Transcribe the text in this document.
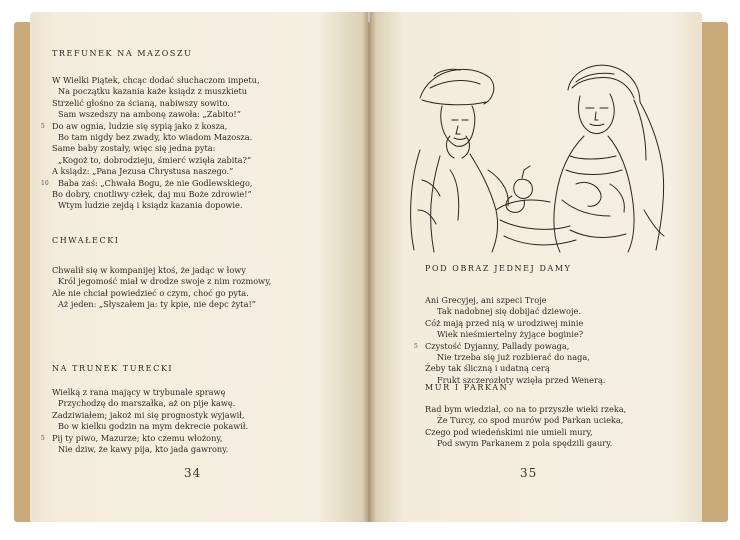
TREFUNEK NA MAZOSZU
W Wielki Piątek, chcąc dodać słuchaczom impetu,
Na początku kazania każe ksiądz z muszkietu
Strzelić głośno za ścianą, nabiwszy sowito.
Sam wszedszy na ambonę zawoła: „Zabito!”
Do aw ognia, ludzie się sypią jako z kosza,
5
Bo tam nigdy bez zwady, kto wiadom Mazosza.
Same baby zostały, więc się jedna pyta:
„Kogoż to, dobrodzieju, śmierć wzięła zabita?”
A ksiądz: „Pana Jezusa Chrystusa naszego.”
Baba zaś: „Chwała Bogu, że nie Godlewskiego,
10
Bo dobry, cnotliwy człek, daj mu Boże zdrowie!”
Wtym ludzie zejdą i ksiądz kazania dopowie.
CHWAŁECKI
Chwalił się w kompanijej ktoś, że jadąc w łowy
Król jegomość miał w drodze swoje z nim rozmowy,
Ale nie chciał powiedzieć o czym, choć go pyta.
Aż jeden: „Słyszałem ja: ty kpie, nie depc żyta!”
NA TRUNEK TURECKI
Wielką z rana mający w trybunale sprawę
Przychodzę do marszałka, aż on pije kawę.
Zadziwiałem; jakoż mi się prognostyk wyjawił,
Bo w kielku godzin na mym dekrecie pokawił.
Pij ty piwo, Mazurze; kto czemu włożony,
5
Nie dziw, że kawy pija, kto jada gawrony.
34
POD OBRAZ JEDNEJ DAMY
Ani Grecyjej, ani szpeci Troje
Tak nadobnej się dobijać dziewoje.
Cóż mają przed nią w urodziwej minie
Wiek nieśmiertelny żyjące boginie?
Czystość Dyjanny, Pallady powaga,
5
Nie trzeba się już rozbierać do naga,
Żeby tak śliczną i udatną cerą
Frukt szczerozłoty wzięła przed Wenerą.
MUR I PARKAN
Rad bym wiedział, co na to przyszłe wieki rzeka,
Że Turcy, co spod murów pod Parkan ucieka,
Czego pod wiedeńskimi nie umieli mury,
Pod swym Parkanem z pola spędzili gaury.
35
